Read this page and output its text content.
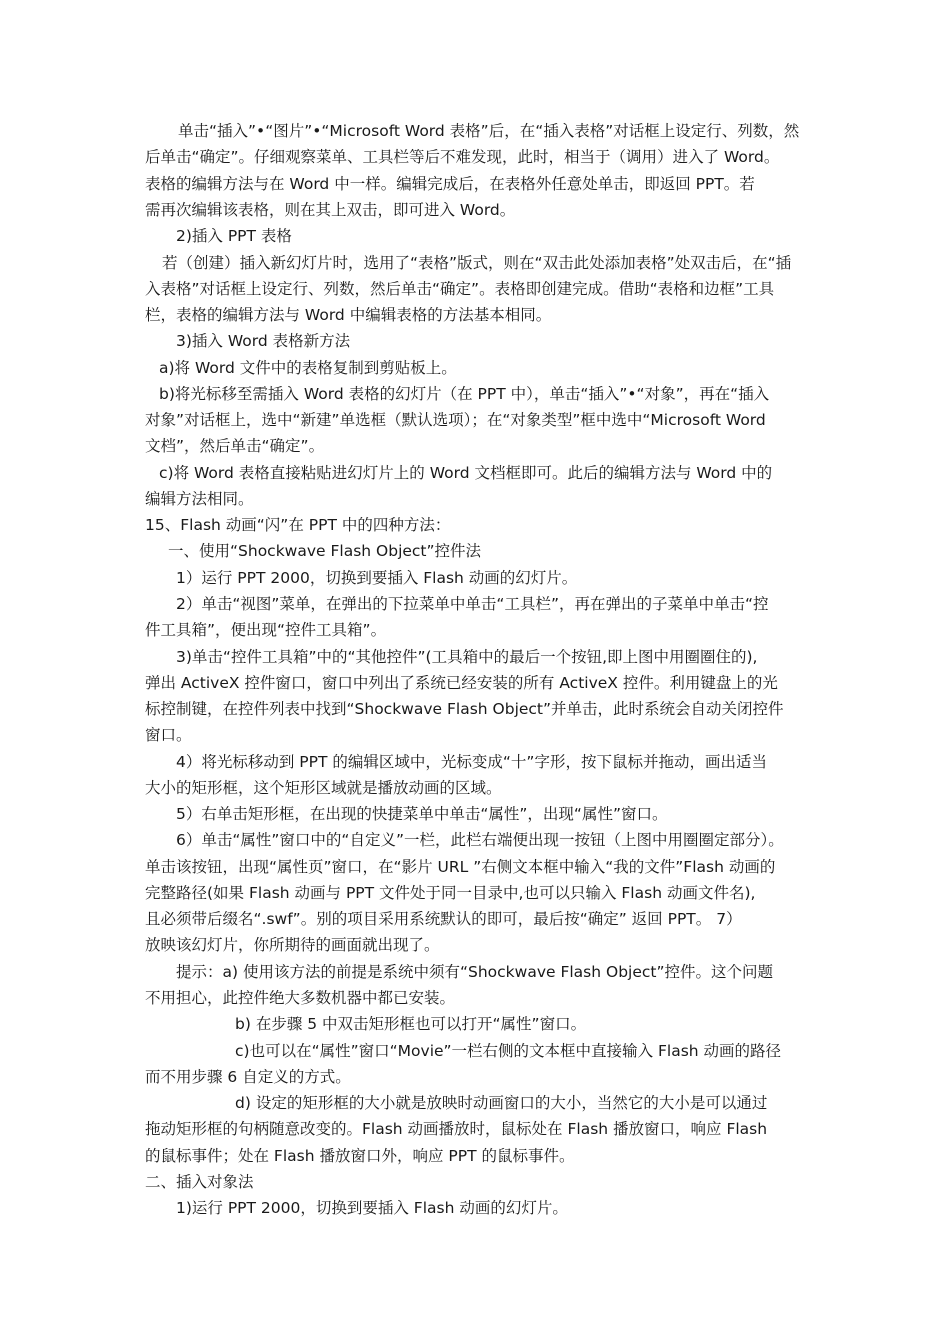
单击“插入”•“图片”•“Microsoft Word 表格”后，在“插入表格”对话框上设定行、列数，然
后单击“确定”。仔细观察菜单、工具栏等后不难发现，此时，相当于（调用）进入了 Word。
表格的编辑方法与在 Word 中一样。编辑完成后，在表格外任意处单击，即返回 PPT。若
需再次编辑该表格，则在其上双击，即可进入 Word。
2)插入 PPT 表格
若（创建）插入新幻灯片时，选用了“表格”版式，则在“双击此处添加表格”处双击后，在“插
入表格”对话框上设定行、列数，然后单击“确定”。表格即创建完成。借助“表格和边框”工具
栏，表格的编辑方法与 Word 中编辑表格的方法基本相同。
3)插入 Word 表格新方法
a)将 Word 文件中的表格复制到剪贴板上。
b)将光标移至需插入 Word 表格的幻灯片（在 PPT 中），单击“插入”•“对象”，再在“插入
对象”对话框上，选中“新建”单选框（默认选项）；在“对象类型”框中选中“Microsoft Word
文档”，然后单击“确定”。
c)将 Word 表格直接粘贴进幻灯片上的 Word 文档框即可。此后的编辑方法与 Word 中的
编辑方法相同。
15、Flash 动画“闪”在 PPT 中的四种方法：
一、使用“Shockwave Flash Object”控件法
1）运行 PPT 2000，切换到要插入 Flash 动画的幻灯片。
2）单击“视图”菜单，在弹出的下拉菜单中单击“工具栏”，再在弹出的子菜单中单击“控
件工具箱”，便出现“控件工具箱”。
3)单击“控件工具箱”中的“其他控件”(工具箱中的最后一个按钮,即上图中用圈圈住的),
弹出 ActiveX 控件窗口，窗口中列出了系统已经安装的所有 ActiveX 控件。利用键盘上的光
标控制键，在控件列表中找到“Shockwave Flash Object”并单击，此时系统会自动关闭控件
窗口。
4）将光标移动到 PPT 的编辑区域中，光标变成“十”字形，按下鼠标并拖动，画出适当
大小的矩形框，这个矩形区域就是播放动画的区域。
5）右单击矩形框，在出现的快捷菜单中单击“属性”，出现“属性”窗口。
6）单击“属性”窗口中的“自定义”一栏，此栏右端便出现一按钮（上图中用圈圈定部分）。
单击该按钮，出现“属性页”窗口，在“影片 URL ”右侧文本框中输入“我的文件”Flash 动画的
完整路径(如果 Flash 动画与 PPT 文件处于同一目录中,也可以只输入 Flash 动画文件名),
且必须带后缀名“.swf”。别的项目采用系统默认的即可，最后按“确定” 返回 PPT。 7）
放映该幻灯片，你所期待的画面就出现了。
提示：a) 使用该方法的前提是系统中须有“Shockwave Flash Object”控件。这个问题
不用担心，此控件绝大多数机器中都已安装。
b) 在步骤 5 中双击矩形框也可以打开“属性”窗口。
c)也可以在“属性”窗口“Movie”一栏右侧的文本框中直接输入 Flash 动画的路径
而不用步骤 6 自定义的方式。
d) 设定的矩形框的大小就是放映时动画窗口的大小，当然它的大小是可以通过
拖动矩形框的句柄随意改变的。Flash 动画播放时，鼠标处在 Flash 播放窗口，响应 Flash
的鼠标事件；处在 Flash 播放窗口外，响应 PPT 的鼠标事件。
二、插入对象法
1)运行 PPT 2000，切换到要插入 Flash 动画的幻灯片。
